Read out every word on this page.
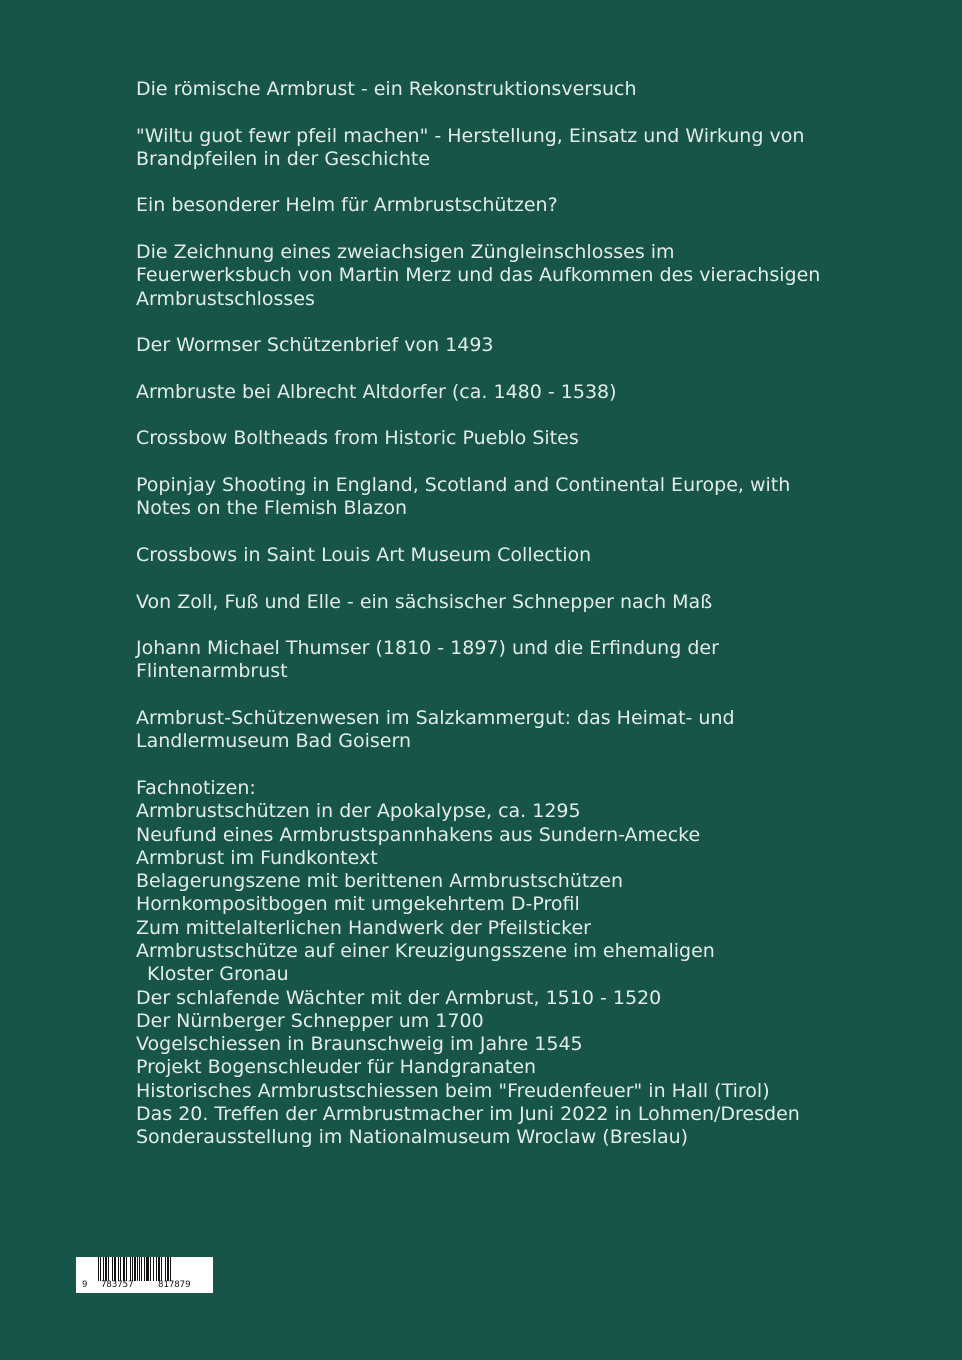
Die römische Armbrust - ein Rekonstruktionsversuch

"Wiltu guot fewr pfeil machen" - Herstellung, Einsatz und Wirkung von Brandpfeilen in der Geschichte

Ein besonderer Helm für Armbrustschützen?

Die Zeichnung eines zweiachsigen Züngleinschlosses im Feuerwerksbuch von Martin Merz und das Aufkommen des vierachsigen Armbrustschlosses

Der Wormser Schützenbrief von 1493

Armbruste bei Albrecht Altdorfer (ca. 1480 - 1538)

Crossbow Boltheads from Historic Pueblo Sites

Popinjay Shooting in England, Scotland and Continental Europe, with Notes on the Flemish Blazon

Crossbows in Saint Louis Art Museum Collection

Von Zoll, Fuß und Elle - ein sächsischer Schnepper nach Maß

Johann Michael Thumser (1810 - 1897) und die Erfindung der Flintenarmbrust

Armbrust-Schützenwesen im Salzkammergut: das Heimat- und Landlermuseum Bad Goisern

Fachnotizen:

Armbrustschützen in der Apokalypse, ca. 1295

Neufund eines Armbrustspannhakens aus Sundern-Amecke

Armbrust im Fundkontext

Belagerungszene mit berittenen Armbrustschützen

Hornkompositbogen mit umgekehrtem D-Profil

Zum mittelalterlichen Handwerk der Pfeilsticker

Armbrustschütze auf einer Kreuzigungsszene im ehemaligen

Kloster Gronau

Der schlafende Wächter mit der Armbrust, 1510 - 1520

Der Nürnberger Schnepper um 1700

Vogelschiessen in Braunschweig im Jahre 1545

Projekt Bogenschleuder für Handgranaten

Historisches Armbrustschiessen beim "Freudenfeuer" in Hall (Tirol)

Das 20. Treffen der Armbrustmacher im Juni 2022 in Lohmen/Dresden

Sonderausstellung im Nationalmuseum Wroclaw (Breslau)

9 783757	817879
